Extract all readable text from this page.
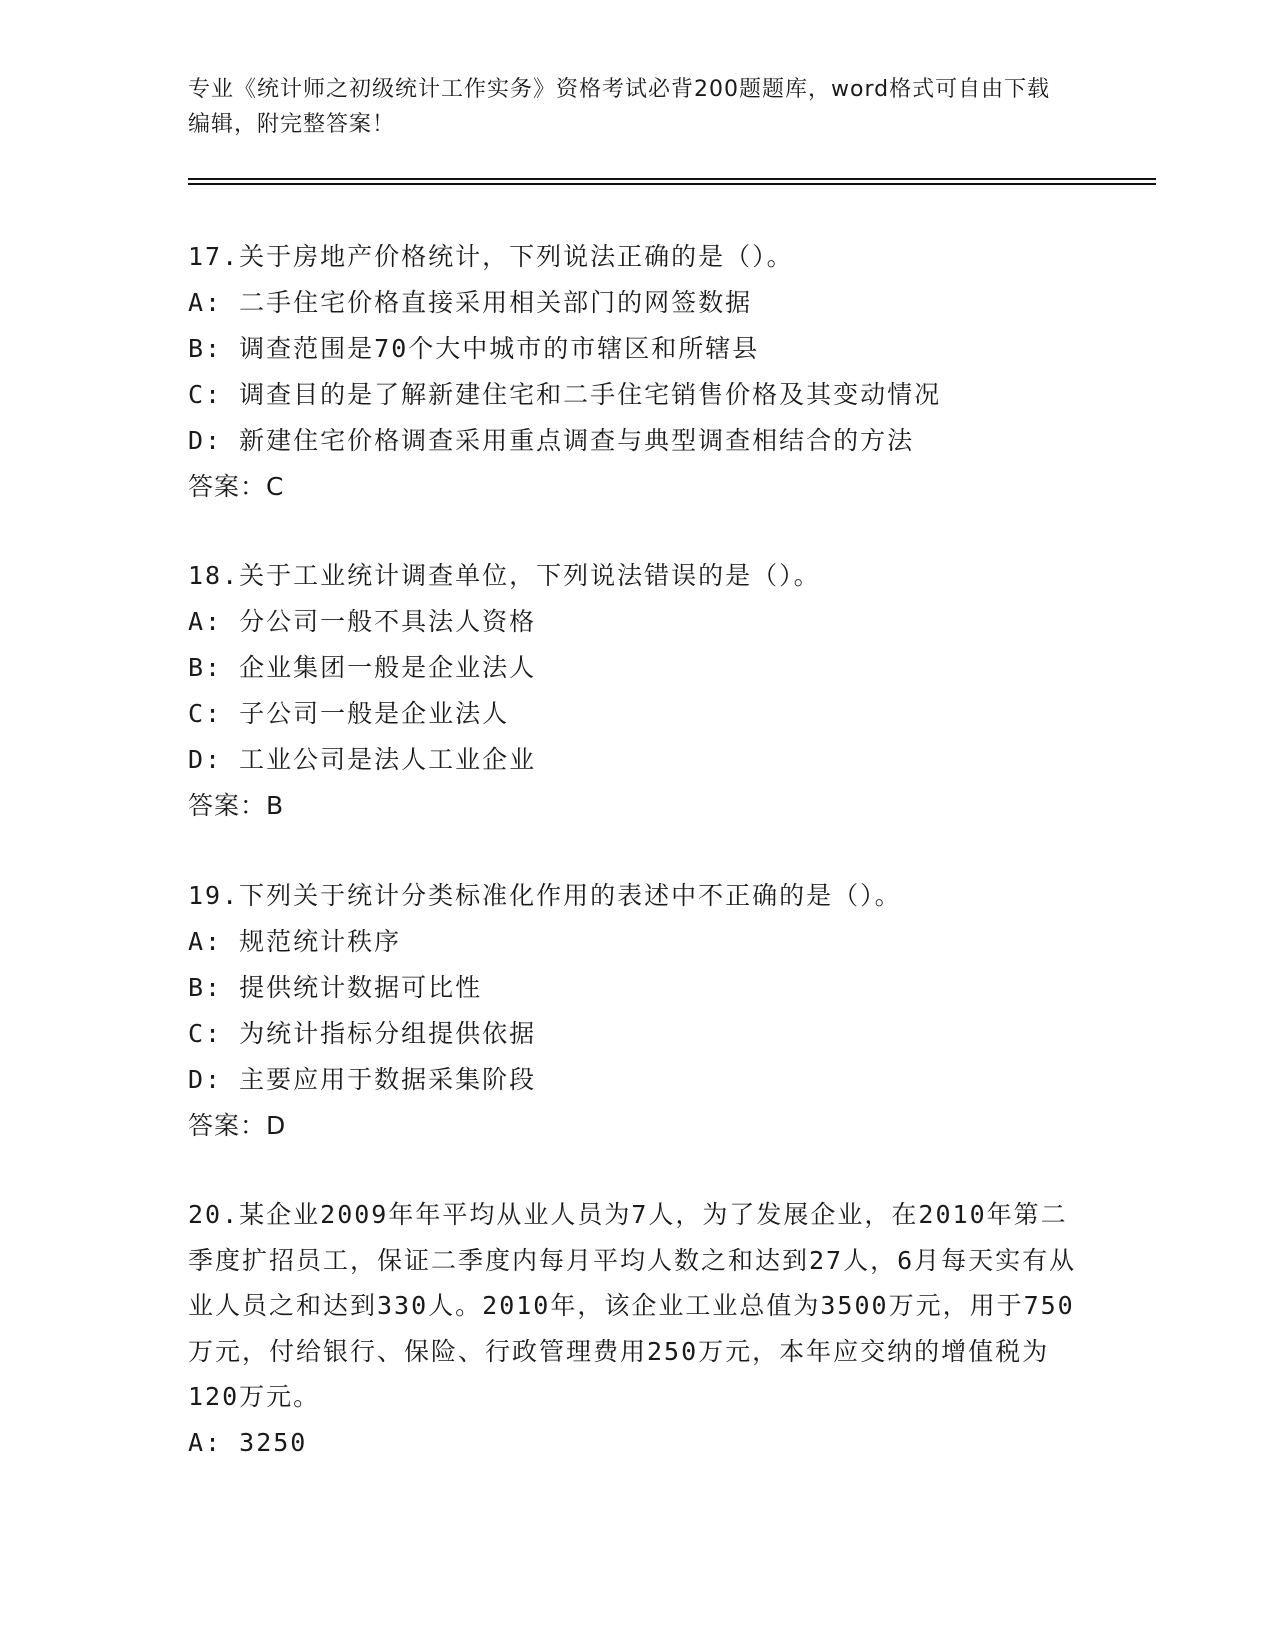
专业《统计师之初级统计工作实务》资格考试必背200题题库，word格式可自由下载编辑，附完整答案！

17.关于房地产价格统计，下列说法正确的是（）。

A: 二手住宅价格直接采用相关部门的网签数据

B: 调查范围是70个大中城市的市辖区和所辖县

C: 调查目的是了解新建住宅和二手住宅销售价格及其变动情况

D: 新建住宅价格调查采用重点调查与典型调查相结合的方法

答案：C

18.关于工业统计调查单位，下列说法错误的是（）。

A: 分公司一般不具法人资格

B: 企业集团一般是企业法人

C: 子公司一般是企业法人

D: 工业公司是法人工业企业

答案：B

19.下列关于统计分类标准化作用的表述中不正确的是（）。

A: 规范统计秩序

B: 提供统计数据可比性

C: 为统计指标分组提供依据

D: 主要应用于数据采集阶段

答案：D

20.某企业2009年年平均从业人员为7人，为了发展企业，在2010年第二季度扩招员工，保证二季度内每月平均人数之和达到27人，6月每天实有从业人员之和达到330人。2010年，该企业工业总值为3500万元，用于750万元，付给银行、保险、行政管理费用250万元，本年应交纳的增值税为120万元。

A: 3250
